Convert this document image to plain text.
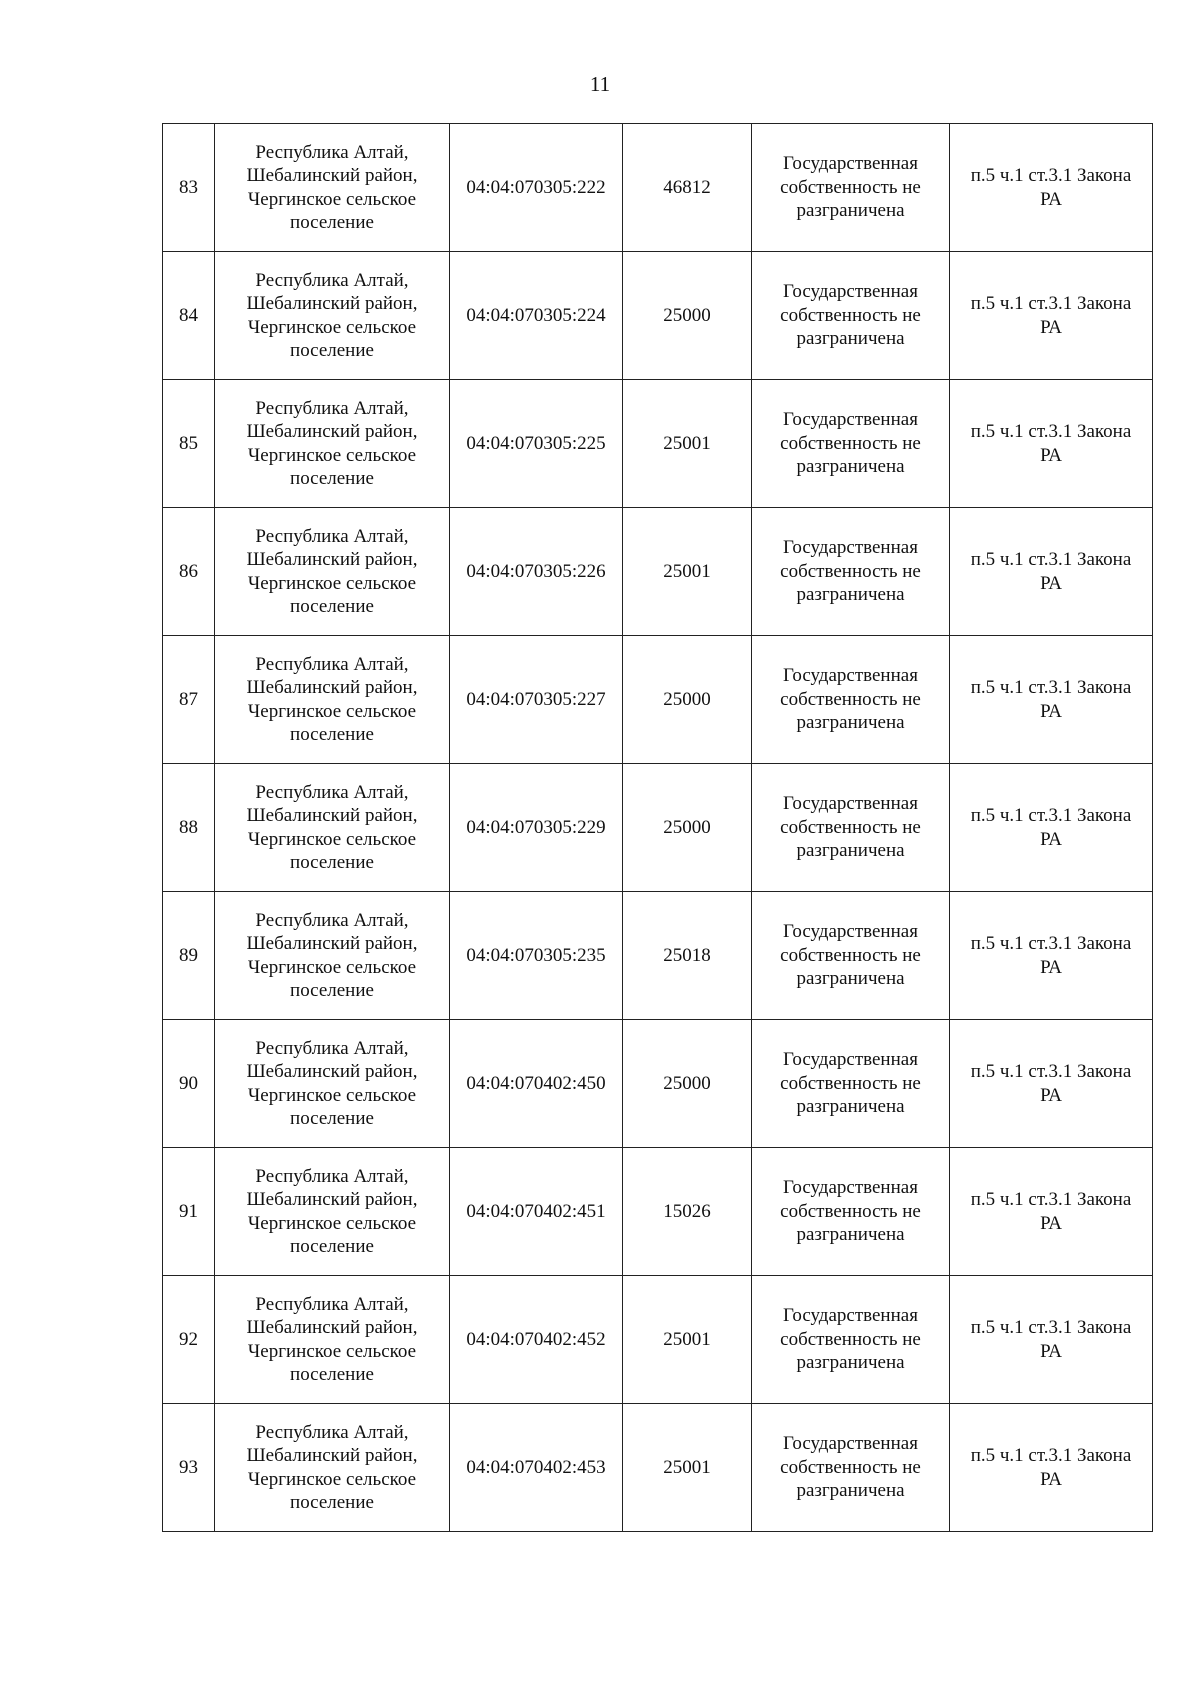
11
83	Республика Алтай,
Шебалинский район,
Чергинское сельское
поселение	04:04:070305:222	46812	Государственная
собственность не
разграничена	п.5 ч.1 ст.3.1 Закона
РА

84	Республика Алтай,
Шебалинский район,
Чергинское сельское
поселение	04:04:070305:224	25000	Государственная
собственность не
разграничена	п.5 ч.1 ст.3.1 Закона
РА

85	Республика Алтай,
Шебалинский район,
Чергинское сельское
поселение	04:04:070305:225	25001	Государственная
собственность не
разграничена	п.5 ч.1 ст.3.1 Закона
РА

86	Республика Алтай,
Шебалинский район,
Чергинское сельское
поселение	04:04:070305:226	25001	Государственная
собственность не
разграничена	п.5 ч.1 ст.3.1 Закона
РА

87	Республика Алтай,
Шебалинский район,
Чергинское сельское
поселение	04:04:070305:227	25000	Государственная
собственность не
разграничена	п.5 ч.1 ст.3.1 Закона
РА

88	Республика Алтай,
Шебалинский район,
Чергинское сельское
поселение	04:04:070305:229	25000	Государственная
собственность не
разграничена	п.5 ч.1 ст.3.1 Закона
РА

89	Республика Алтай,
Шебалинский район,
Чергинское сельское
поселение	04:04:070305:235	25018	Государственная
собственность не
разграничена	п.5 ч.1 ст.3.1 Закона
РА

90	Республика Алтай,
Шебалинский район,
Чергинское сельское
поселение	04:04:070402:450	25000	Государственная
собственность не
разграничена	п.5 ч.1 ст.3.1 Закона
РА

91	Республика Алтай,
Шебалинский район,
Чергинское сельское
поселение	04:04:070402:451	15026	Государственная
собственность не
разграничена	п.5 ч.1 ст.3.1 Закона
РА

92	Республика Алтай,
Шебалинский район,
Чергинское сельское
поселение	04:04:070402:452	25001	Государственная
собственность не
разграничена	п.5 ч.1 ст.3.1 Закона
РА

93	Республика Алтай,
Шебалинский район,
Чергинское сельское
поселение	04:04:070402:453	25001	Государственная
собственность не
разграничена	п.5 ч.1 ст.3.1 Закона
РА
